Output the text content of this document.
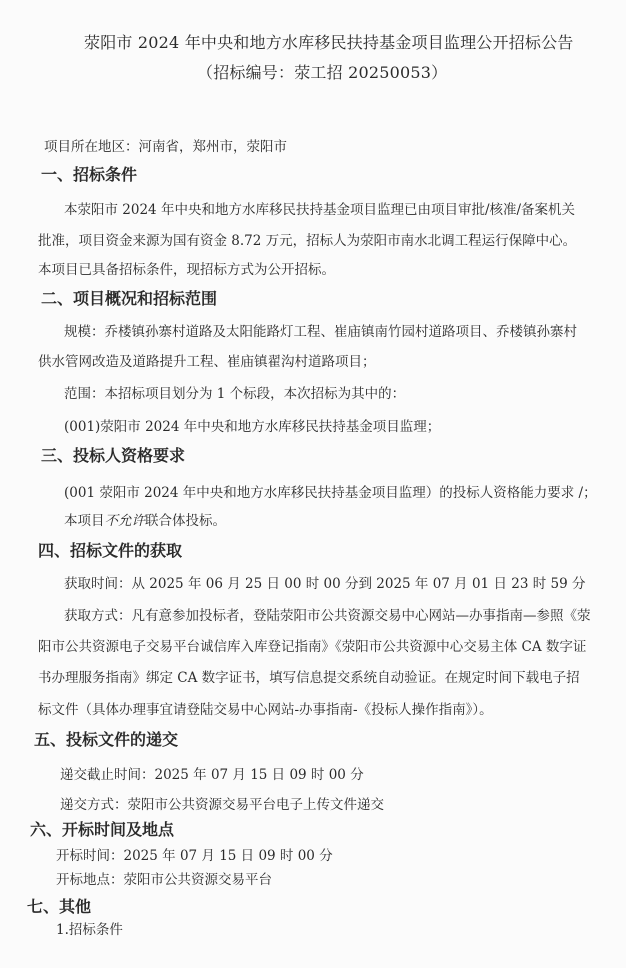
荥阳市 2024 年中央和地方水库移民扶持基金项目监理公开招标公告
（招标编号：荥工招 20250053）
项目所在地区：河南省，郑州市，荥阳市
一、招标条件
本荥阳市 2024 年中央和地方水库移民扶持基金项目监理已由项目审批/核准/备案机关
批准，项目资金来源为国有资金 8.72 万元，招标人为荥阳市南水北调工程运行保障中心。
本项目已具备招标条件，现招标方式为公开招标。
二、项目概况和招标范围
规模：乔楼镇孙寨村道路及太阳能路灯工程、崔庙镇南竹园村道路项目、乔楼镇孙寨村
供水管网改造及道路提升工程、崔庙镇翟沟村道路项目；
范围：本招标项目划分为 1 个标段，本次招标为其中的：
(001)荥阳市 2024 年中央和地方水库移民扶持基金项目监理；
三、投标人资格要求
(001 荥阳市 2024 年中央和地方水库移民扶持基金项目监理）的投标人资格能力要求 /；
本项目不允许联合体投标。
四、招标文件的获取
获取时间：从 2025 年 06 月 25 日 00 时 00 分到 2025 年 07 月 01 日 23 时 59 分
获取方式：凡有意参加投标者，登陆荥阳市公共资源交易中心网站—办事指南—参照《荥
阳市公共资源电子交易平台诚信库入库登记指南》《荥阳市公共资源中心交易主体 CA 数字证
书办理服务指南》绑定 CA 数字证书，填写信息提交系统自动验证。在规定时间下载电子招
标文件（具体办理事宜请登陆交易中心网站-办事指南-《投标人操作指南》）。
五、投标文件的递交
递交截止时间：2025 年 07 月 15 日 09 时 00 分
递交方式：荥阳市公共资源交易平台电子上传文件递交
六、开标时间及地点
开标时间：2025 年 07 月 15 日 09 时 00 分
开标地点：荥阳市公共资源交易平台
七、其他
1.招标条件
